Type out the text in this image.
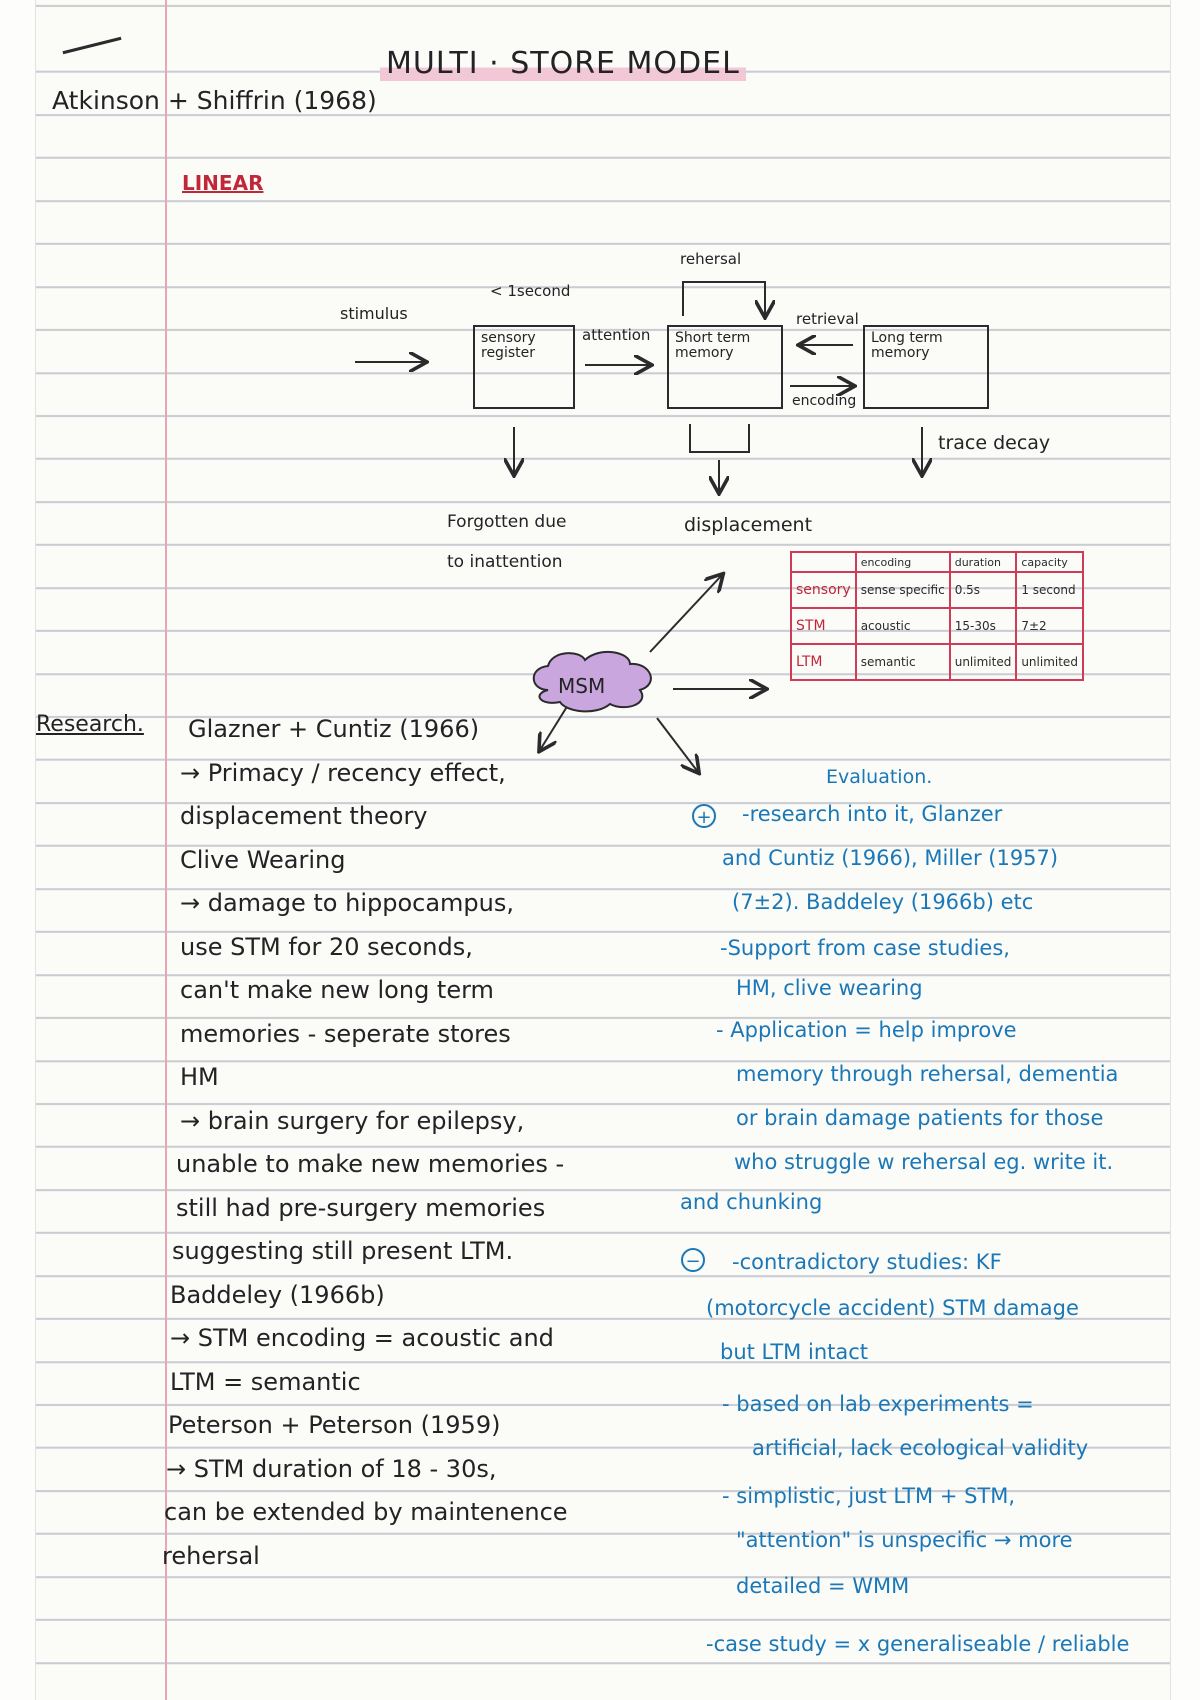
MULTI · STORE MODEL
Atkinson + Shiffrin (1968)
LINEAR
stimulus
< 1second
attention
rehersal
retrieval
encoding
sensory register
Short term memory
Long term memory
trace decay
Forgotten due
to inattention
displacement
MSM
	encoding	duration	capacity
sensory	sense specific	0.5s	1 second
STM	acoustic	15-30s	7±2
LTM	semantic	unlimited	unlimited
Research. Glazner + Cuntiz (1966)
→ Primacy / recency effect,
displacement theory
Clive Wearing
→ damage to hippocampus,
use STM for 20 seconds,
can't make new long term
memories - seperate stores
HM
→ brain surgery for epilepsy,
unable to make new memories -
still had pre-surgery memories
suggesting still present LTM.
Baddeley (1966b)
→ STM encoding = acoustic and
LTM = semantic
Peterson + Peterson (1959)
→ STM duration of 18 - 30s,
can be extended by maintenence
rehersal
Evaluation.
+
−
-research into it, Glanzer
and Cuntiz (1966), Miller (1957)
(7±2). Baddeley (1966b) etc
-Support from case studies,
HM, clive wearing
- Application = help improve
memory through rehersal, dementia
or brain damage patients for those
who struggle w rehersal eg. write it.
and chunking
-contradictory studies: KF
(motorcycle accident) STM damage
but LTM intact
- based on lab experiments =
artificial, lack ecological validity
- simplistic, just LTM + STM,
"attention" is unspecific → more
detailed = WMM
-case study = x generaliseable / reliable
